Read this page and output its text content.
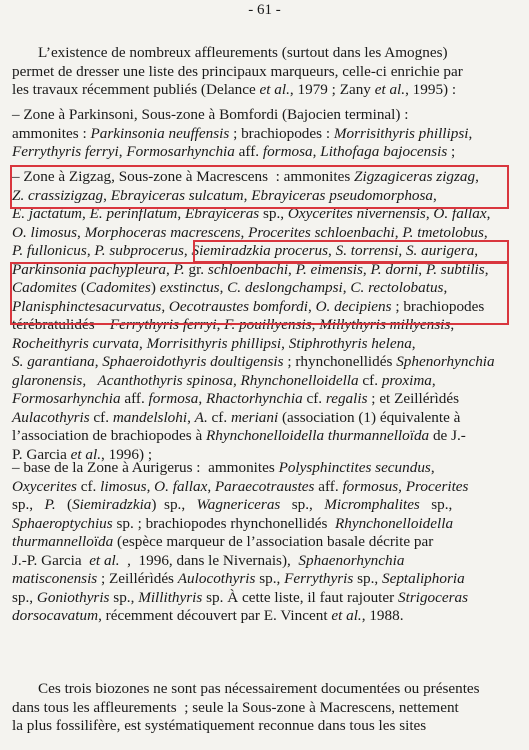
- 61 -
L’existence de nombreux affleurements (surtout dans les Amognes)
permet de dresser une liste des principaux marqueurs, celle-ci enrichie par
les travaux récemment publiés (Delance et al., 1979 ; Zany et al., 1995) :
– Zone à Parkinsoni, Sous-zone à Bomfordi (Bajocien terminal) :
ammonites : Parkinsonia neuffensis ; brachiopodes : Morrisithyris phillipsi,
Ferrythyris ferryi, Formosarhynchia aff. formosa, Lithofaga bajocensis ;
– Zone à Zigzag, Sous-zone à Macrescens  : ammonites Zigzagiceras zigzag,
Z. crassizigzag, Ebrayiceras sulcatum, Ebrayiceras pseudomorphosa,
E. jactatum, E. perinflatum, Ebrayiceras sp., Oxycerites nivernensis, O. fallax,
O. limosus, Morphoceras macrescens, Procerites schloenbachi, P. tmetolobus,
P. fullonicus, P. subprocerus, Siemiradzkia procerus, S. torrensi, S. aurigera,
Parkinsonia pachypleura, P. gr. schloenbachi, P. eimensis, P. dorni, P. subtilis,
Cadomites (Cadomites) exstinctus, C. deslongchampsi, C. rectolobatus,
Planisphinctesacurvatus, Oecotraustes bomfordi, O. decipiens ; brachiopodes
térébratulidés    Ferrythyris ferryi, F. pouillyensis, Millythyris millyensis,
Rocheithyris curvata, Morrisithyris phillipsi, Stiphrothyris helena,
S. garantiana, Sphaeroidothyris doultigensis ; rhynchonellidés Sphenorhynchia
glaronensis,   Acanthothyris spinosa, Rhynchonelloidella cf. proxima,
Formosarhynchia aff. formosa, Rhactorhynchia cf. regalis ; et Zeillérìdés
Aulacothyris cf. mandelslohi, A. cf. meriani (association (1) équivalente à
l’association de brachiopodes à Rhynchonelloidella thurmannelloïda de J.-
P. Garcia et al., 1996) ;
– base de la Zone à Aurigerus :  ammonites Polysphinctites secundus,
Oxycerites cf. limosus, O. fallax, Paraecotraustes aff. formosus, Procerites
sp.,   P.   (Siemiradzkia)  sp.,   Wagnericeras   sp.,   Micromphalites   sp.,
Sphaeroptychius sp. ; brachiopodes rhynchonellidés  Rhynchonelloidella
thurmannelloïda (espèce marqueur de l’association basale décrite par
J.-P. Garcia  et al.  ,  1996, dans le Nivernais),  Sphaenorhynchia
matisconensis ; Zeillérìdés Aulocothyris sp., Ferrythyris sp., Septaliphoria
sp., Goniothyris sp., Millithyris sp. À cette liste, il faut rajouter Strigoceras
dorsocavatum, récemment découvert par E. Vincent et al., 1988.
Ces trois biozones ne sont pas nécessairement documentées ou présentes
dans tous les affleurements  ; seule la Sous-zone à Macrescens, nettement
la plus fossilifère, est systématiquement reconnue dans tous les sites
